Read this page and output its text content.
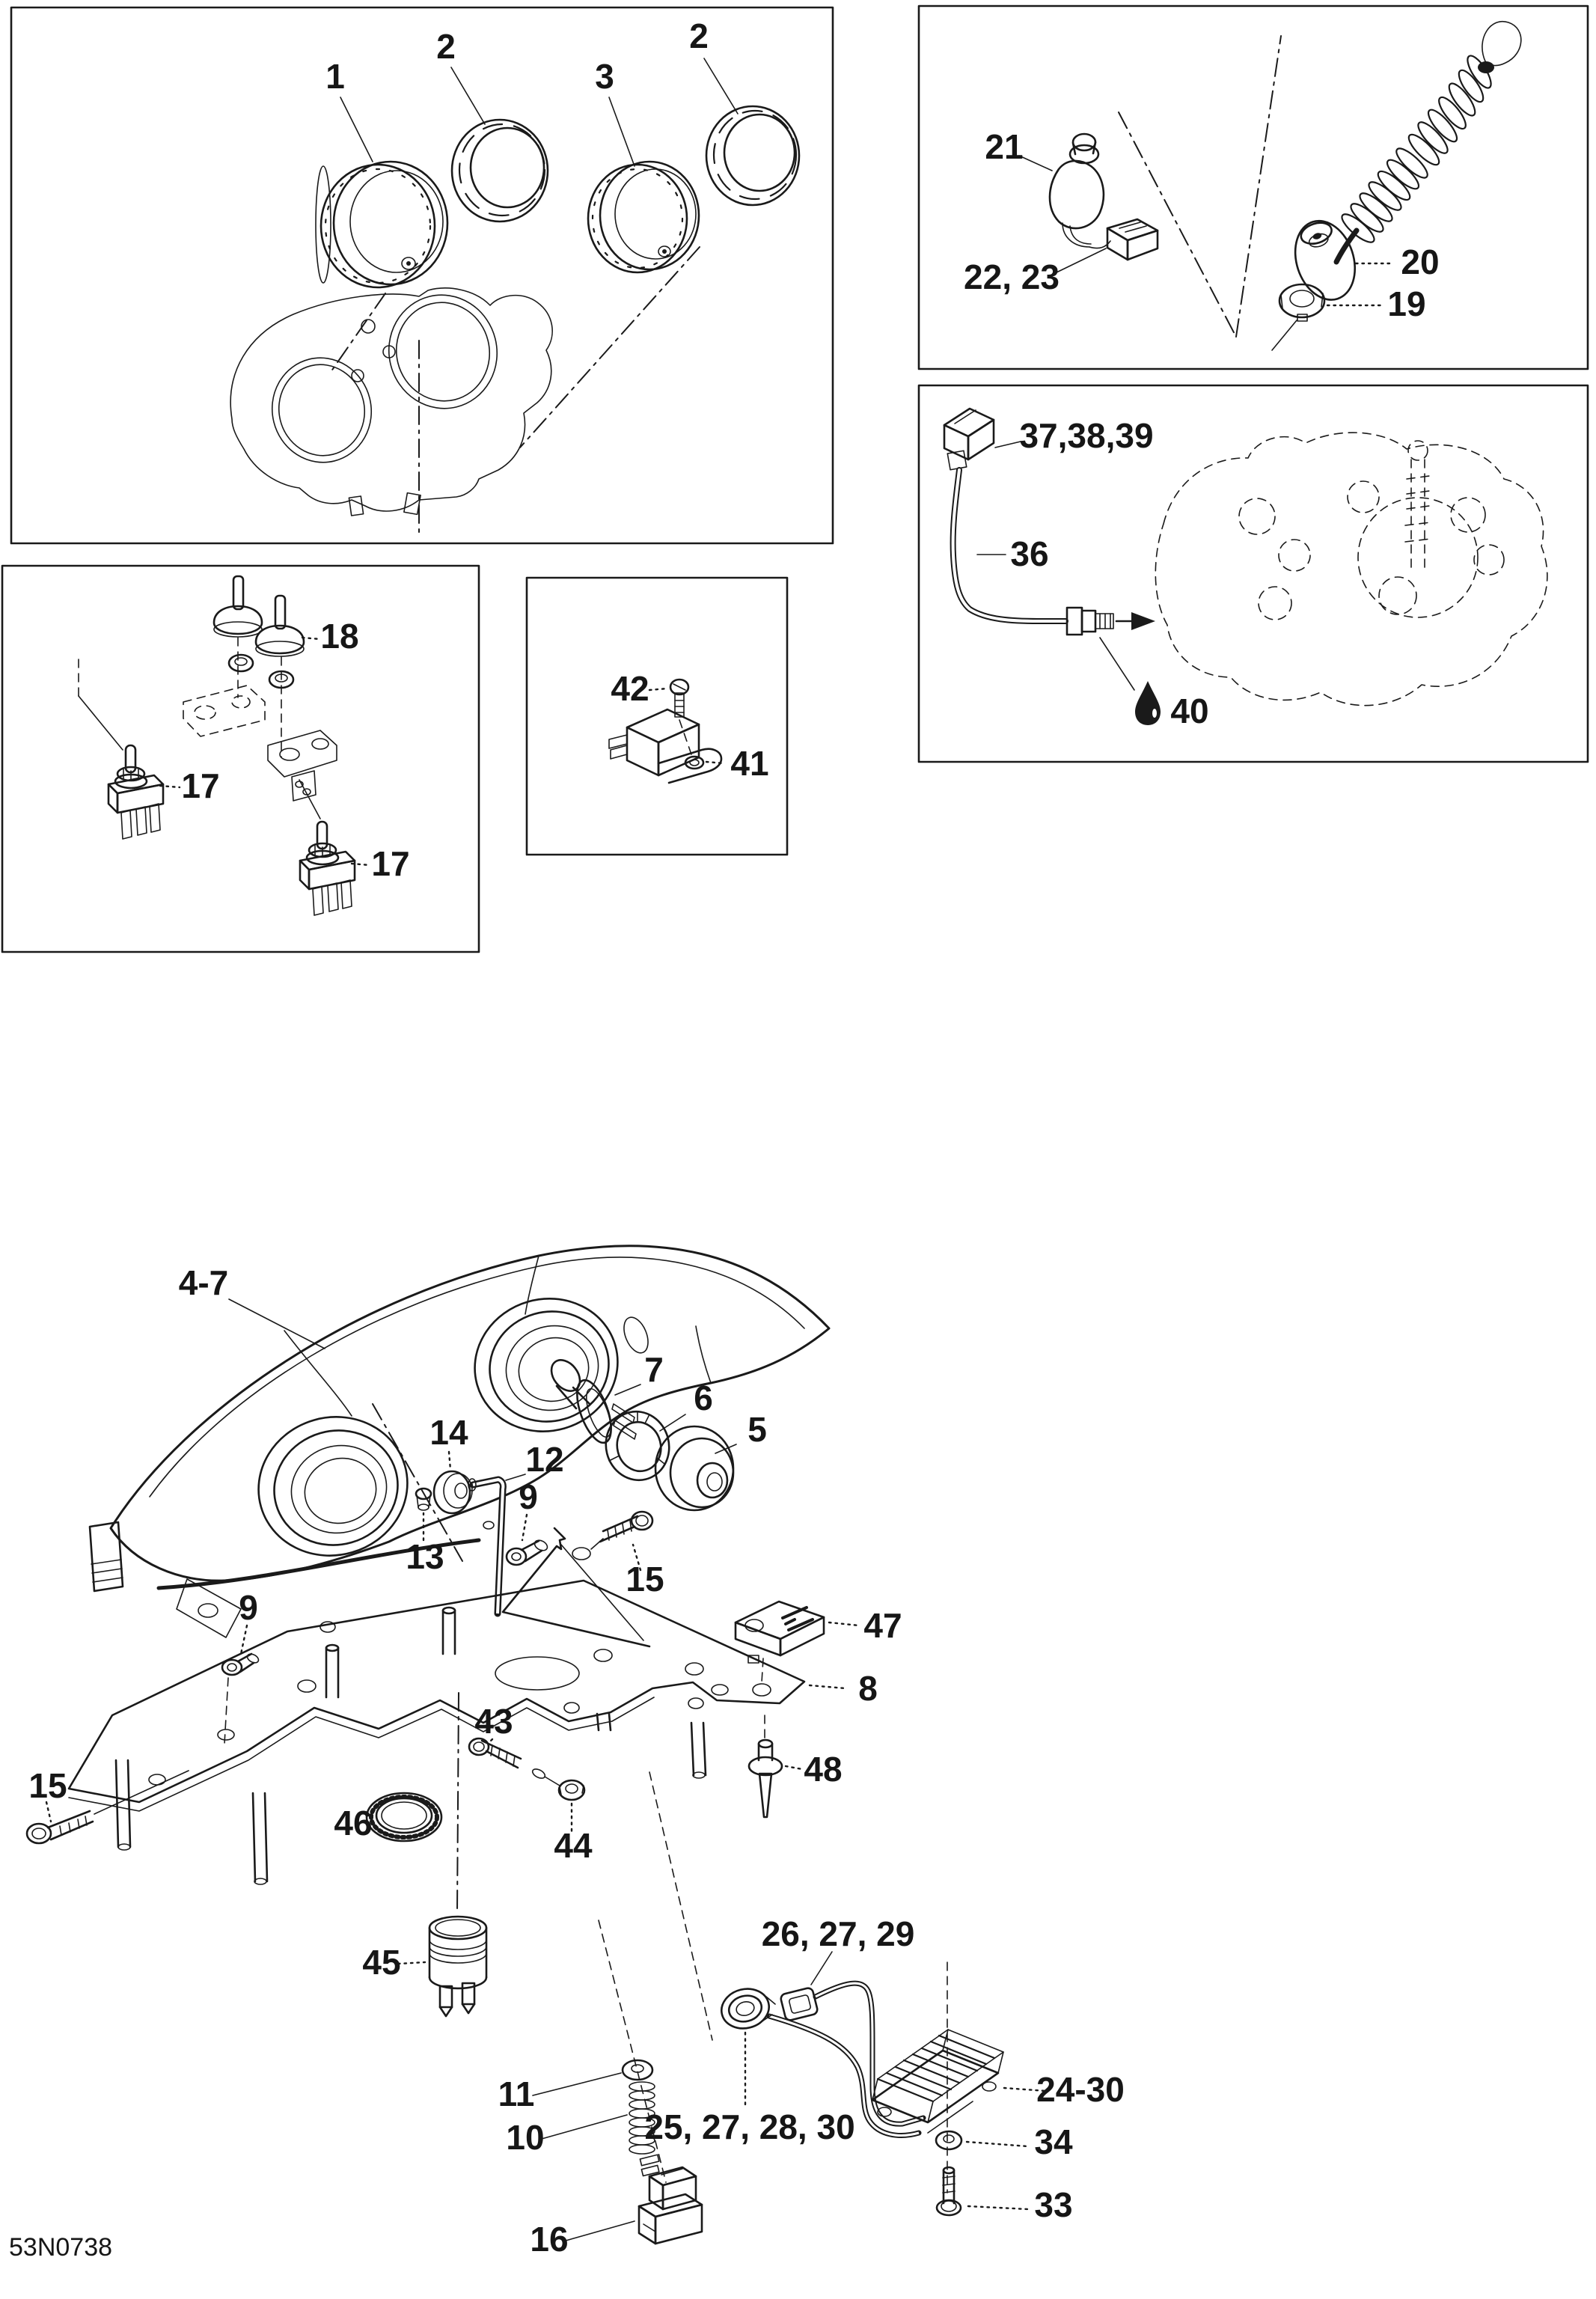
1
2
3
2
21
22, 23	20
19
37,38,39
36
40
18
17
17
42
41
4-7
7
6
5
14
13
12
9
15
8
9
15
47
48
43
44
46
45
11
10
16
26, 27, 29
25, 27, 28, 30
24-30
34
33
53N0738
